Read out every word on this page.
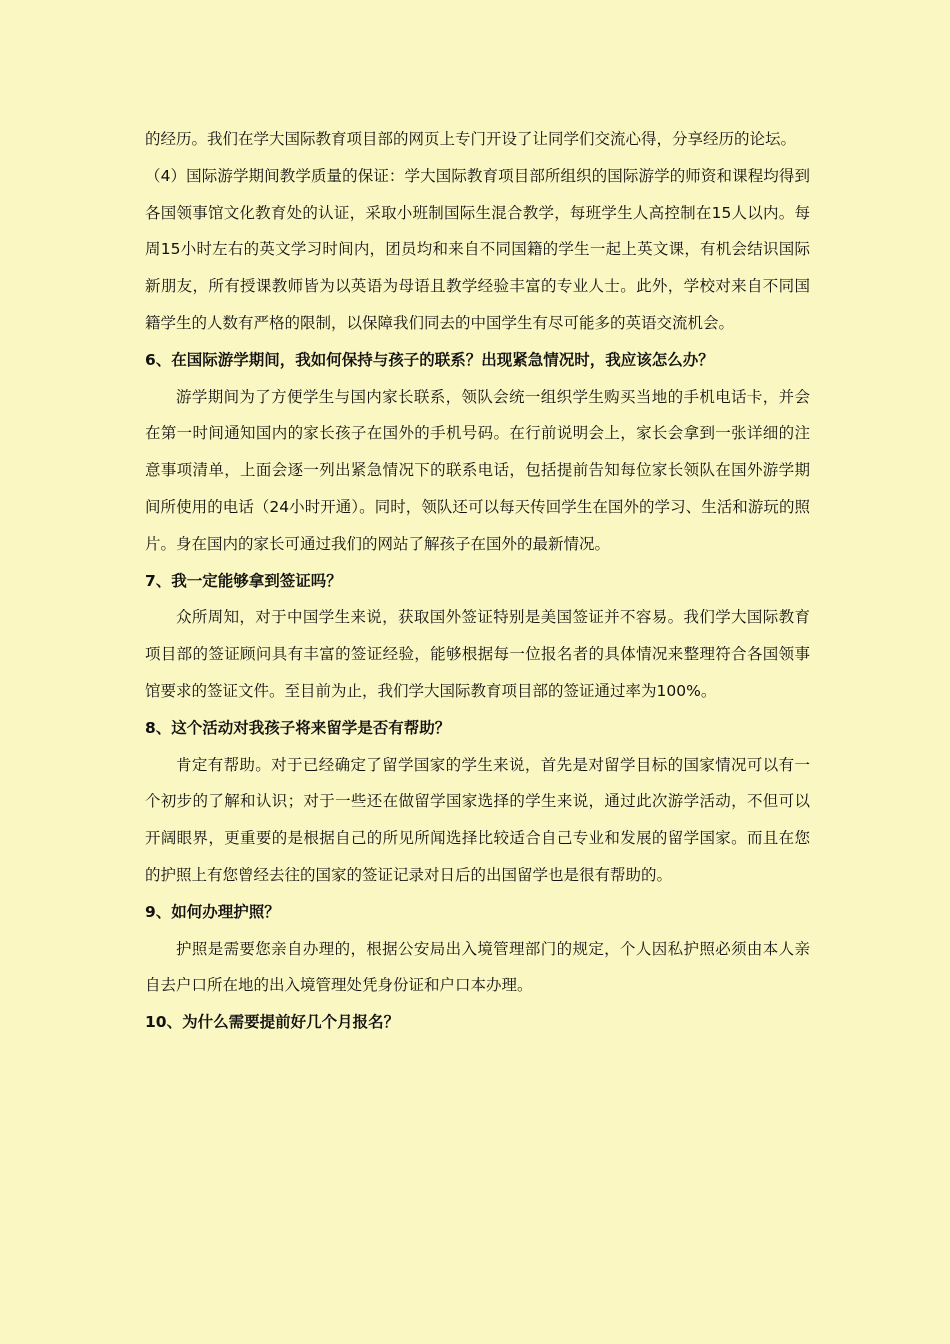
的经历。我们在学大国际教育项目部的网页上专门开设了让同学们交流心得，分享经历的论坛。

（4）国际游学期间教学质量的保证：学大国际教育项目部所组织的国际游学的师资和课程均得到各国领事馆文化教育处的认证，采取小班制国际生混合教学，每班学生人高控制在15人以内。每周15小时左右的英文学习时间内，团员均和来自不同国籍的学生一起上英文课，有机会结识国际新朋友，所有授课教师皆为以英语为母语且教学经验丰富的专业人士。此外，学校对来自不同国籍学生的人数有严格的限制，以保障我们同去的中国学生有尽可能多的英语交流机会。

6、在国际游学期间，我如何保持与孩子的联系？出现紧急情况时，我应该怎么办？

游学期间为了方便学生与国内家长联系，领队会统一组织学生购买当地的手机电话卡，并会在第一时间通知国内的家长孩子在国外的手机号码。在行前说明会上，家长会拿到一张详细的注意事项清单，上面会逐一列出紧急情况下的联系电话，包括提前告知每位家长领队在国外游学期间所使用的电话（24小时开通）。同时，领队还可以每天传回学生在国外的学习、生活和游玩的照片。身在国内的家长可通过我们的网站了解孩子在国外的最新情况。

7、我一定能够拿到签证吗？

众所周知，对于中国学生来说，获取国外签证特别是美国签证并不容易。我们学大国际教育项目部的签证顾问具有丰富的签证经验，能够根据每一位报名者的具体情况来整理符合各国领事馆要求的签证文件。至目前为止，我们学大国际教育项目部的签证通过率为100%。

8、这个活动对我孩子将来留学是否有帮助？

肯定有帮助。对于已经确定了留学国家的学生来说，首先是对留学目标的国家情况可以有一个初步的了解和认识；对于一些还在做留学国家选择的学生来说，通过此次游学活动，不但可以开阔眼界，更重要的是根据自己的所见所闻选择比较适合自己专业和发展的留学国家。而且在您的护照上有您曾经去往的国家的签证记录对日后的出国留学也是很有帮助的。

9、如何办理护照？

护照是需要您亲自办理的，根据公安局出入境管理部门的规定，个人因私护照必须由本人亲自去户口所在地的出入境管理处凭身份证和户口本办理。

10、为什么需要提前好几个月报名？
